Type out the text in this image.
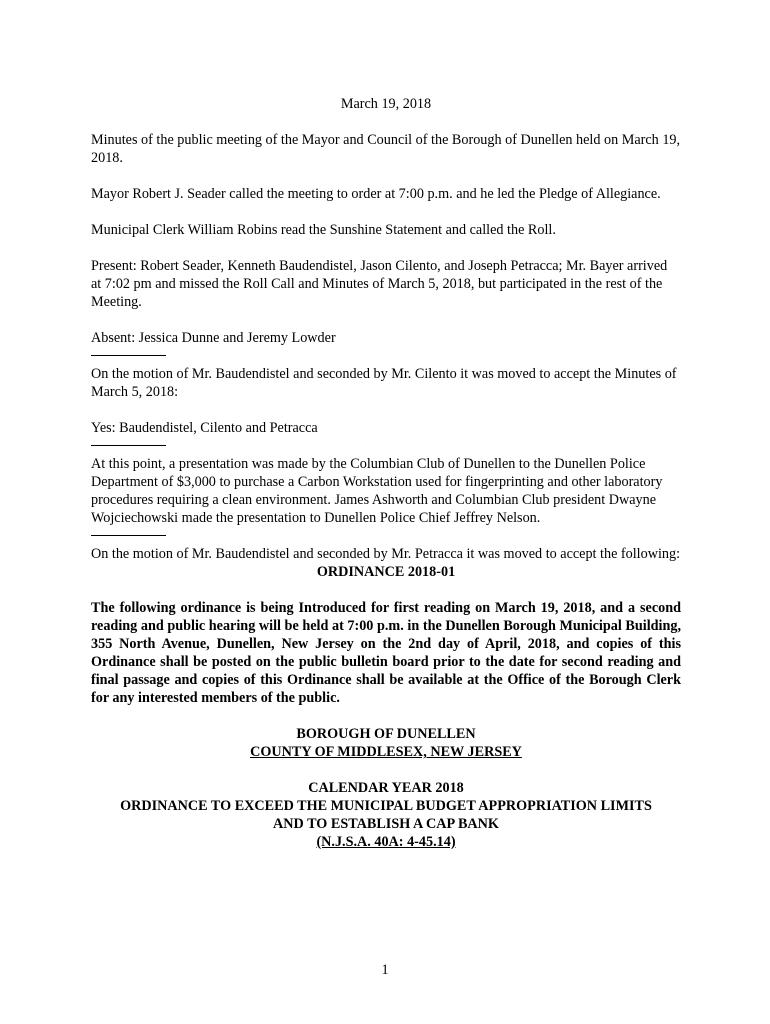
March 19, 2018

Minutes of the public meeting of the Mayor and Council of the Borough of Dunellen held on March 19, 2018.

Mayor Robert J. Seader called the meeting to order at 7:00 p.m. and he led the Pledge of Allegiance.

Municipal Clerk William Robins read the Sunshine Statement and called the Roll.

Present: Robert Seader, Kenneth Baudendistel, Jason Cilento, and Joseph Petracca; Mr. Bayer arrived at 7:02 pm and missed the Roll Call and Minutes of March 5, 2018, but participated in the rest of the Meeting.

Absent: Jessica Dunne and Jeremy Lowder

On the motion of Mr. Baudendistel and seconded by Mr. Cilento it was moved to accept the Minutes of March 5, 2018:

Yes: Baudendistel, Cilento and Petracca

At this point, a presentation was made by the Columbian Club of Dunellen to the Dunellen Police Department of $3,000 to purchase a Carbon Workstation used for fingerprinting and other laboratory procedures requiring a clean environment. James Ashworth and Columbian Club president Dwayne Wojciechowski made the presentation to Dunellen Police Chief Jeffrey Nelson.

On the motion of Mr. Baudendistel and seconded by Mr. Petracca it was moved to accept the following:

ORDINANCE 2018-01

The following ordinance is being Introduced for first reading on March 19, 2018, and a second reading and public hearing will be held at 7:00 p.m. in the Dunellen Borough Municipal Building, 355 North Avenue, Dunellen, New Jersey on the 2nd day of April, 2018, and copies of this Ordinance shall be posted on the public bulletin board prior to the date for second reading and final passage and copies of this Ordinance shall be available at the Office of the Borough Clerk for any interested members of the public.

BOROUGH OF DUNELLEN

COUNTY OF MIDDLESEX, NEW JERSEY

CALENDAR YEAR 2018

ORDINANCE TO EXCEED THE MUNICIPAL BUDGET APPROPRIATION LIMITS

AND TO ESTABLISH A CAP BANK

(N.J.S.A. 40A: 4-45.14)

1
